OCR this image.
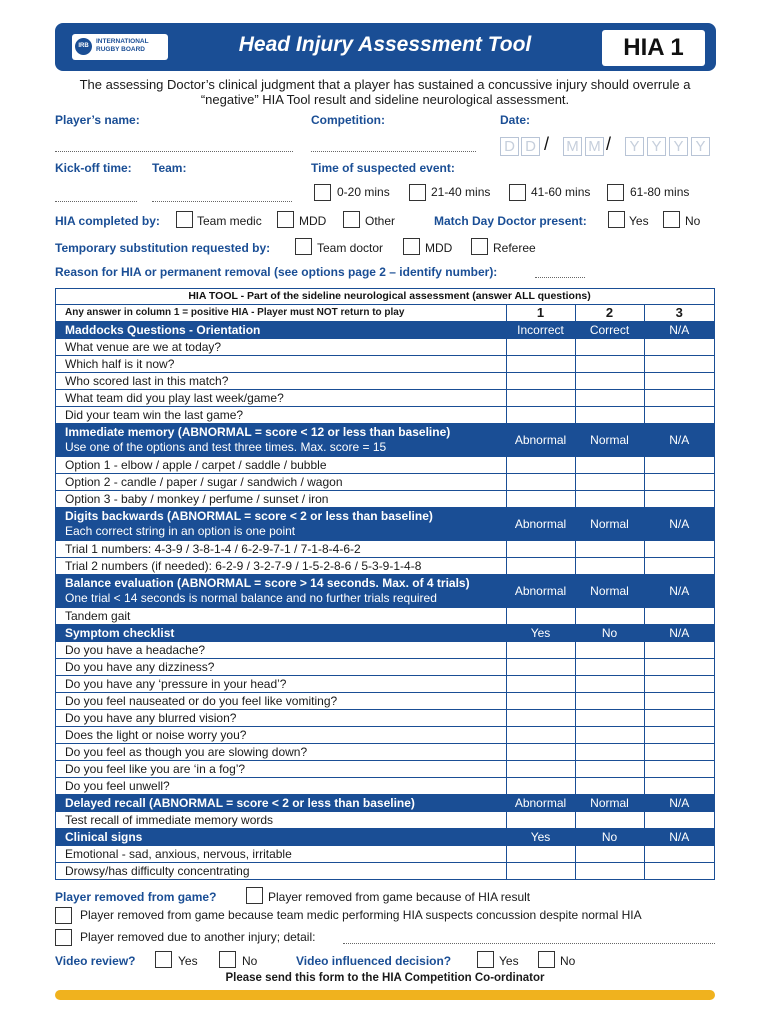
IRB
INTERNATIONAL
RUGBY BOARD	Head Injury Assessment Tool	HIA 1
The assessing Doctor’s clinical judgment that a player has sustained a concussive injury should overrule a “negative” HIA Tool result and sideline neurological assessment.
Player’s name:	Competition:	Date:
D D M M Y Y Y Y
/	/
Kick-off time: Team:	Time of suspected event:
0-20 mins	21-40 mins	41-60 mins	61-80 mins
HIA completed by:	Team medic	MDD	Other	Match Day Doctor present:	Yes	No
Temporary substitution requested by:	Team doctor	MDD	Referee
Reason for HIA or permanent removal (see options page 2 – identify number):
HIA TOOL - Part of the sideline neurological assessment (answer ALL questions)			
Any answer in column 1 = positive HIA - Player must NOT return to play	1	2	3

Maddocks Questions - Orientation	Incorrect	Correct	N/A
What venue are we at today?			
Which half is it now?			
Who scored last in this match?			
What team did you play last week/game?			
Did your team win the last game?			

Immediate memory (ABNORMAL = score < 12 or less than baseline)
Use one of the options and test three times. Max. score = 15	Abnormal	Normal	N/A
Option 1 - elbow / apple / carpet / saddle / bubble			
Option 2 - candle / paper / sugar / sandwich / wagon			
Option 3 - baby / monkey / perfume / sunset / iron			

Digits backwards (ABNORMAL = score < 2 or less than baseline)
Each correct string in an option is one point	Abnormal	Normal	N/A
Trial 1 numbers: 4-3-9 / 3-8-1-4 / 6-2-9-7-1 / 7-1-8-4-6-2			
Trial 2 numbers (if needed): 6-2-9 / 3-2-7-9 / 1-5-2-8-6 / 5-3-9-1-4-8			

Balance evaluation (ABNORMAL = score > 14 seconds. Max. of 4 trials)
One trial < 14 seconds is normal balance and no further trials required	Abnormal	Normal	N/A
Tandem gait			

Symptom checklist	Yes	No	N/A
Do you have a headache?			
Do you have any dizziness?			
Do you have any ‘pressure in your head’?			
Do you feel nauseated or do you feel like vomiting?			
Do you have any blurred vision?			
Does the light or noise worry you?			
Do you feel as though you are slowing down?			
Do you feel like you are ‘in a fog’?			
Do you feel unwell?			

Delayed recall (ABNORMAL = score < 2 or less than baseline)	Abnormal	Normal	N/A
Test recall of immediate memory words			

Clinical signs	Yes	No	N/A
Emotional - sad, anxious, nervous, irritable			
Drowsy/has difficulty concentrating			
Player removed from game?	Player removed from game because of HIA result
Player removed from game because team medic performing HIA suspects concussion despite normal HIA
Player removed due to another injury; detail:
Video review?	Yes	No	Video influenced decision?	Yes	No
Please send this form to the HIA Competition Co-ordinator
